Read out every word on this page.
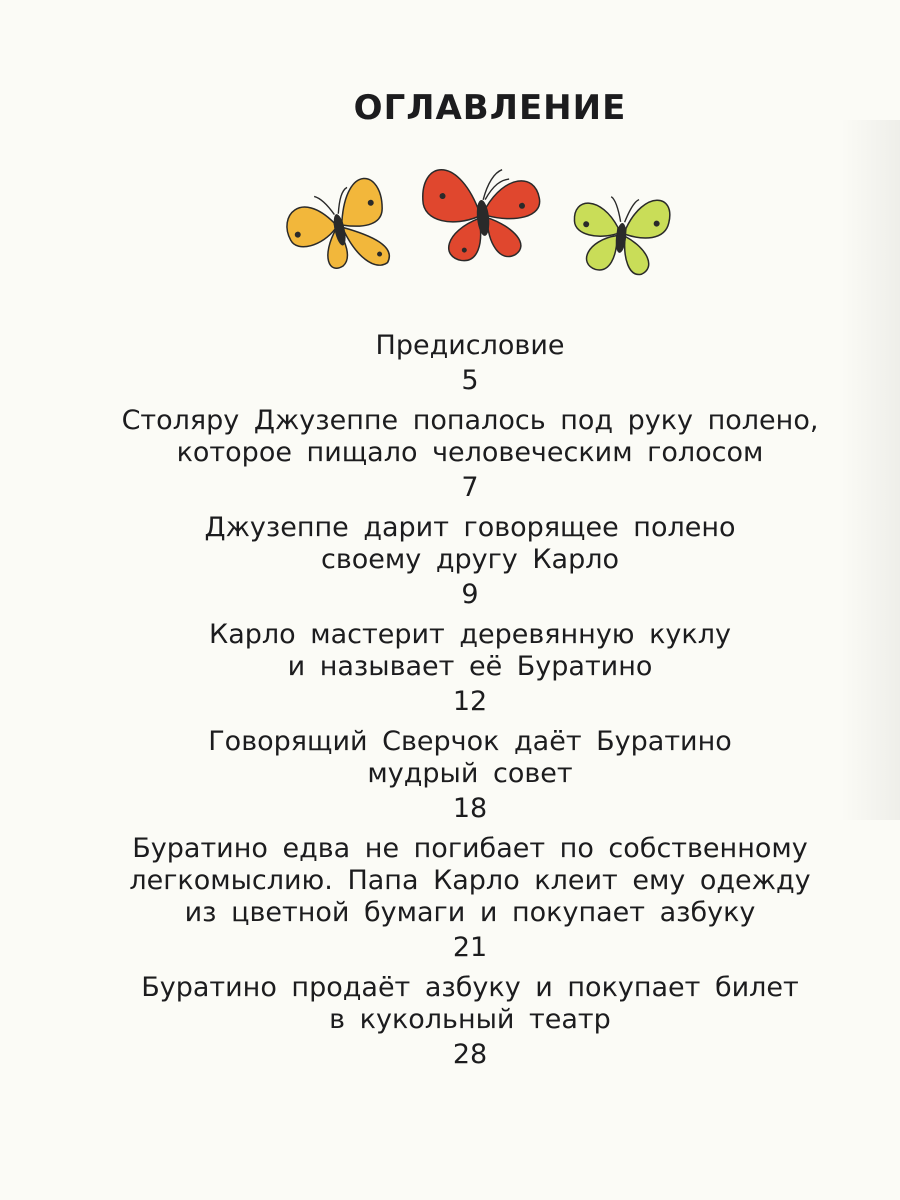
ОГЛАВЛЕНИЕ
Предисловие
5
Столяру Джузеппе попалось под руку полено,
которое пищало человеческим голосом
7
Джузеппе дарит говорящее полено
своему другу Карло
9
Карло мастерит деревянную куклу
и называет её Буратино
12
Говорящий Сверчок даёт Буратино
мудрый совет
18
Буратино едва не погибает по собственному
легкомыслию. Папа Карло клеит ему одежду
из цветной бумаги и покупает азбуку
21
Буратино продаёт азбуку и покупает билет
в кукольный театр
28
